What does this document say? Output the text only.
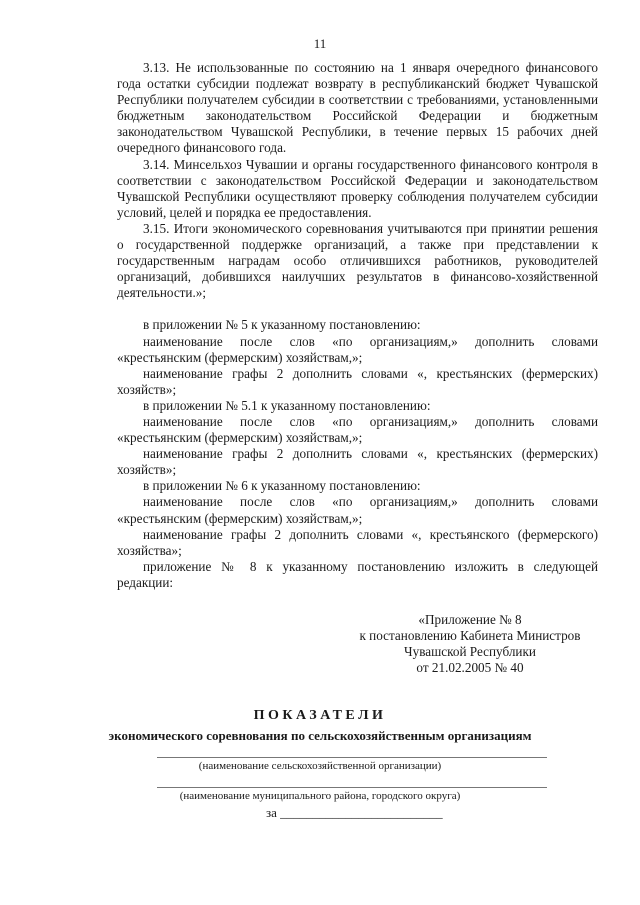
11

3.13. Не использованные по состоянию на 1 января очередного финансового года остатки субсидии подлежат возврату в республиканский бюджет Чувашской Республики получателем субсидии в соответствии с требованиями, установленными бюджетным законодательством Российской Федерации и бюджетным законодательством Чувашской Республики, в течение первых 15 рабочих дней очередного финансового года.

3.14. Минсельхоз Чувашии и органы государственного финансового контроля в соответствии с законодательством Российской Федерации и законодательством Чувашской Республики осуществляют проверку соблюдения получателем субсидии условий, целей и порядка ее предоставления.

3.15. Итоги экономического соревнования учитываются при принятии решения о государственной поддержке организаций, а также при представлении к государственным наградам особо отличившихся работников, руководителей организаций, добившихся наилучших результатов в финансово-хозяйственной деятельности.»;

в приложении № 5 к указанному постановлению:

наименование после слов «по организациям,» дополнить словами «крестьянским (фермерским) хозяйствам,»;

наименование графы 2 дополнить словами «, крестьянских (фермерских) хозяйств»;

в приложении № 5.1 к указанному постановлению:

наименование после слов «по организациям,» дополнить словами «крестьянским (фермерским) хозяйствам,»;

наименование графы 2 дополнить словами «, крестьянских (фермерских) хозяйств»;

в приложении № 6 к указанному постановлению:

наименование после слов «по организациям,» дополнить словами «крестьянским (фермерским) хозяйствам,»;

наименование графы 2 дополнить словами «, крестьянского (фермерского) хозяйства»;

приложение № 8 к указанному постановлению изложить в следующей редакции:

«Приложение № 8
к постановлению Кабинета Министров
Чувашской Республики
от 21.02.2005 № 40
ПОКАЗАТЕЛИ
экономического соревнования по сельскохозяйственным организациям
(наименование сельскохозяйственной организации)
(наименование муниципального района, городского округа)
за _________________________
